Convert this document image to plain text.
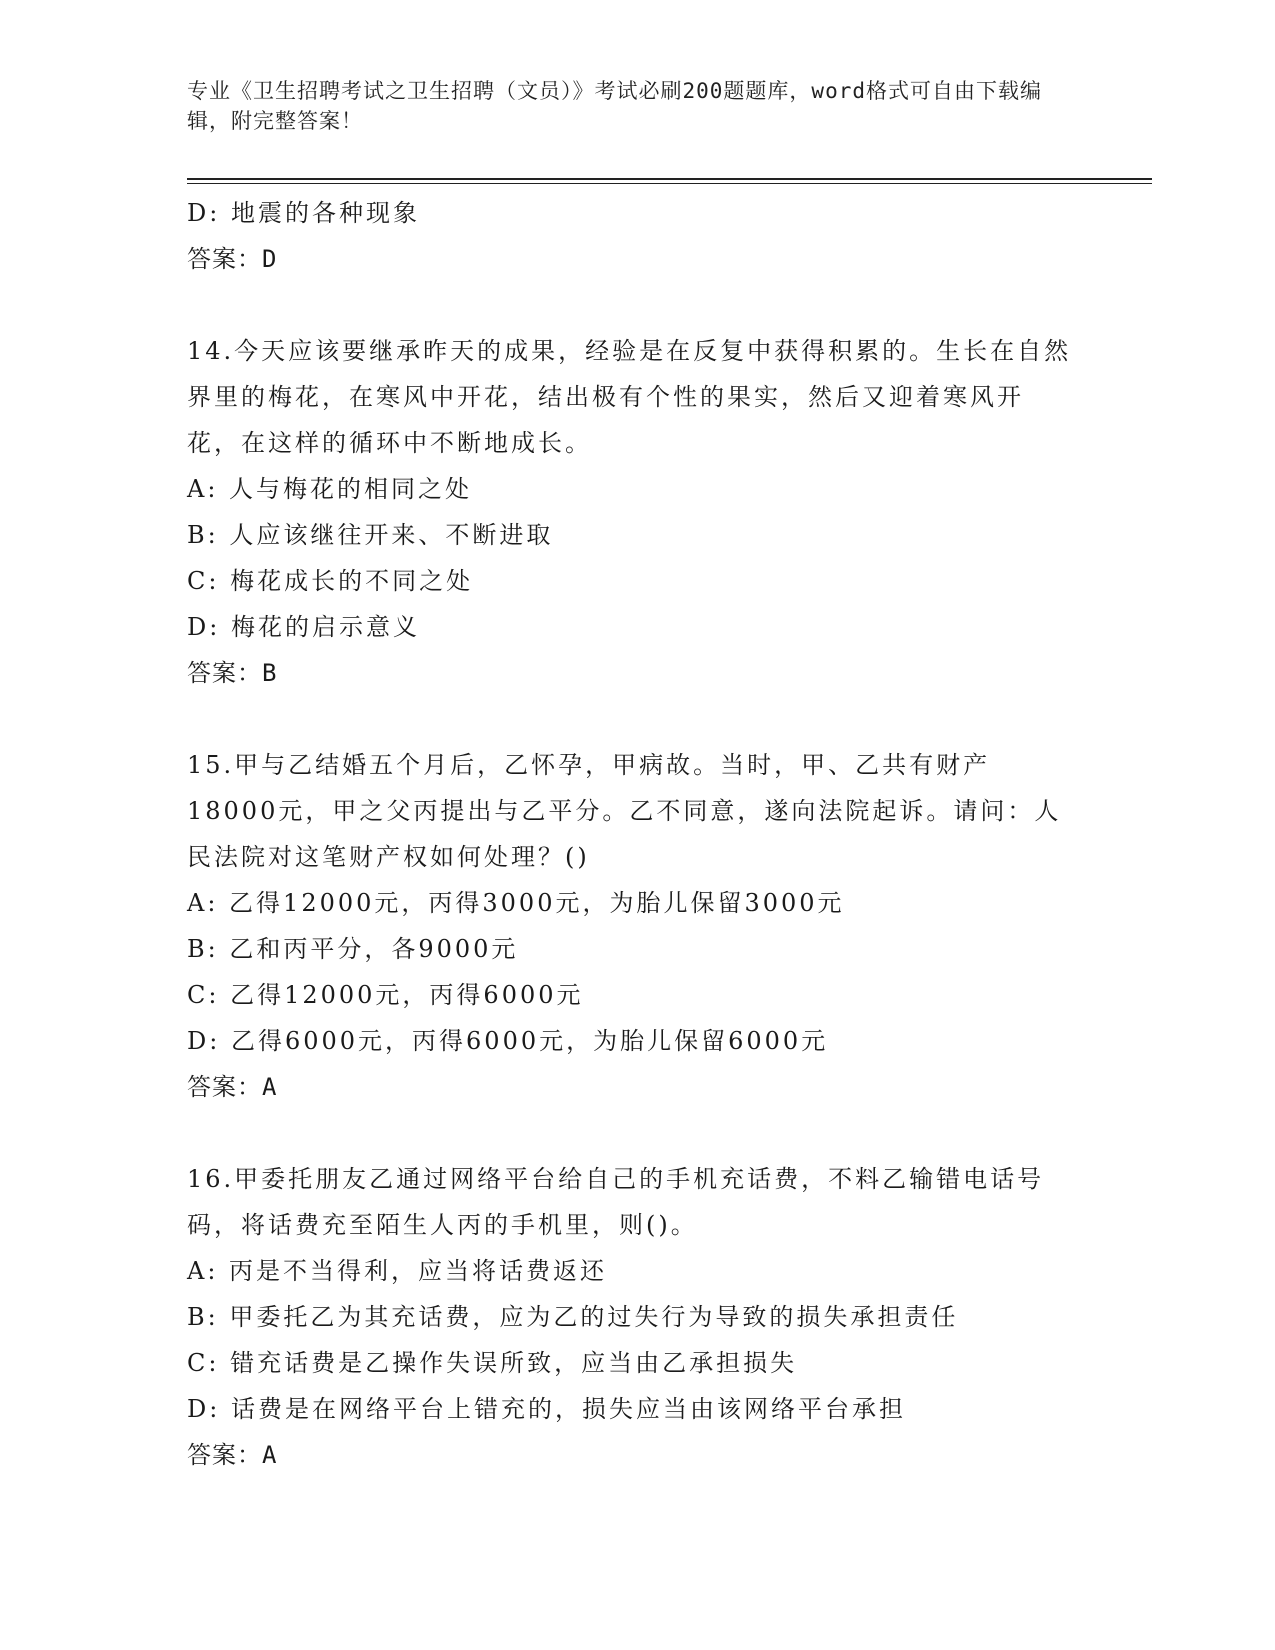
专业《卫生招聘考试之卫生招聘（文员）》考试必刷200题题库，word格式可自由下载编辑，附完整答案！
D: 地震的各种现象
答案：D
14.今天应该要继承昨天的成果，经验是在反复中获得积累的。生长在自然界里的梅花，在寒风中开花，结出极有个性的果实，然后又迎着寒风开花，在这样的循环中不断地成长。
A: 人与梅花的相同之处
B: 人应该继往开来、不断进取
C: 梅花成长的不同之处
D: 梅花的启示意义
答案：B
15.甲与乙结婚五个月后，乙怀孕，甲病故。当时，甲、乙共有财产18000元，甲之父丙提出与乙平分。乙不同意，遂向法院起诉。请问：人民法院对这笔财产权如何处理？()
A: 乙得12000元，丙得3000元，为胎儿保留3000元
B: 乙和丙平分，各9000元
C: 乙得12000元，丙得6000元
D: 乙得6000元，丙得6000元，为胎儿保留6000元
答案：A
16.甲委托朋友乙通过网络平台给自己的手机充话费，不料乙输错电话号码，将话费充至陌生人丙的手机里，则()。
A: 丙是不当得利，应当将话费返还
B: 甲委托乙为其充话费，应为乙的过失行为导致的损失承担责任
C: 错充话费是乙操作失误所致，应当由乙承担损失
D: 话费是在网络平台上错充的，损失应当由该网络平台承担
答案：A
